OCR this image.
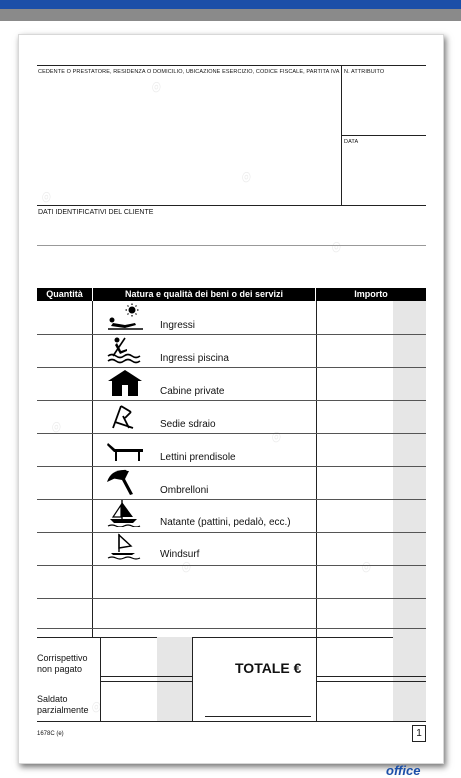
◎
◎
◎
◎
◎
◎
◎
◎
◎
CEDENTE O PRESTATORE, RESIDENZA O DOMICILIO, UBICAZIONE ESERCIZIO, CODICE FISCALE, PARTITA IVA N. ATTRIBUITO
DATA
DATI IDENTIFICATIVI DEL CLIENTE
Quantità	Natura e qualità dei beni o dei servizi	Importo
Ingressi
Ingressi piscina
Cabine private
Sedie sdraio
Lettini prendisole
Ombrelloni
Natante (pattini, pedalò, ecc.)
Windsurf
Corrispettivo non pagato
Saldato parzialmente
TOTALE €
1678C (e)	1
office
